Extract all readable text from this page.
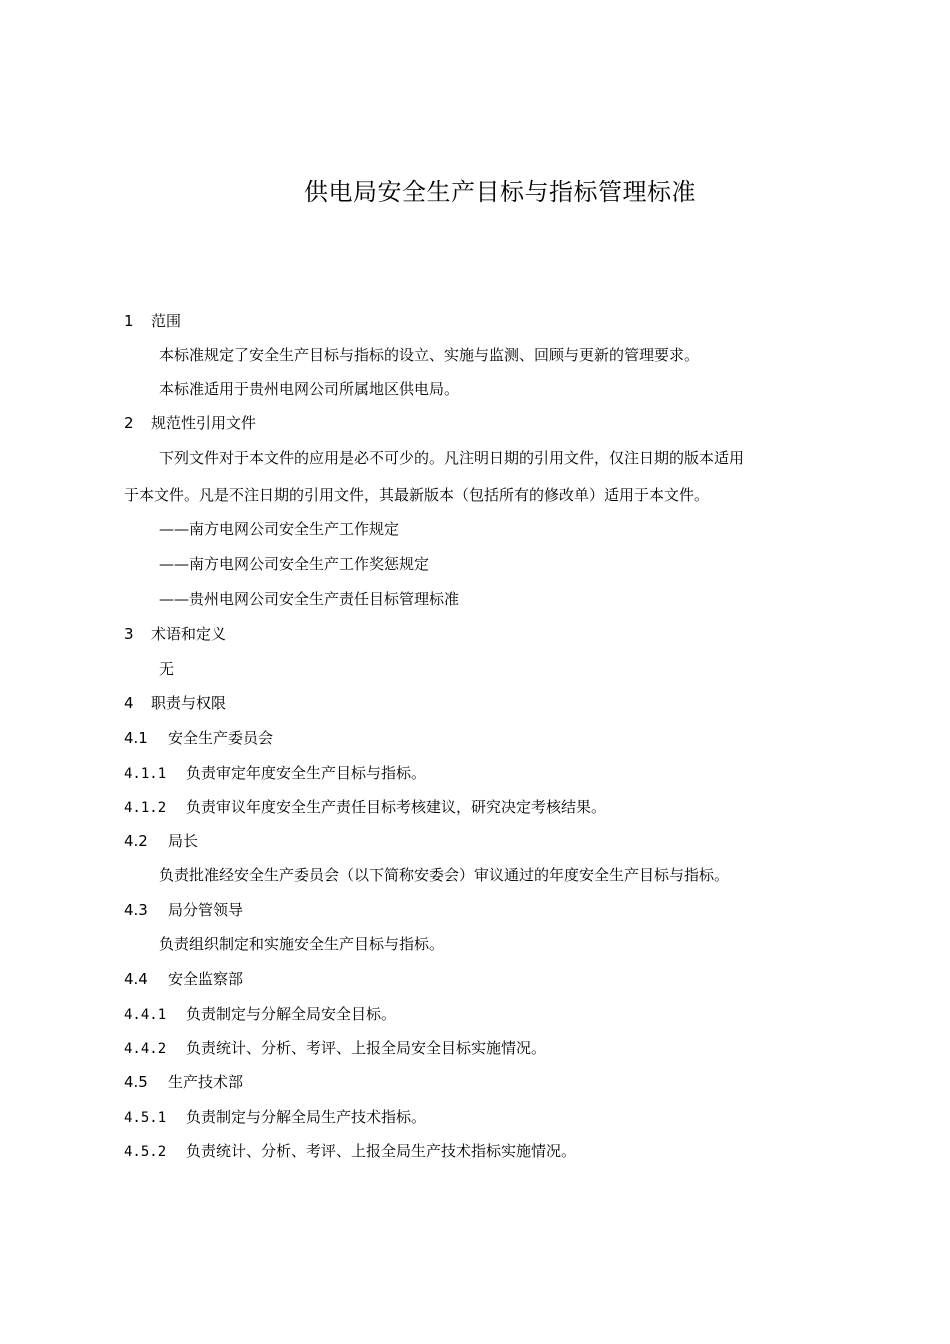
供电局安全生产目标与指标管理标准
1 范围
本标准规定了安全生产目标与指标的设立、实施与监测、回顾与更新的管理要求。
本标准适用于贵州电网公司所属地区供电局。
2 规范性引用文件
下列文件对于本文件的应用是必不可少的。凡注明日期的引用文件，仅注日期的版本适用
于本文件。凡是不注日期的引用文件，其最新版本（包括所有的修改单）适用于本文件。
——南方电网公司安全生产工作规定
——南方电网公司安全生产工作奖惩规定
——贵州电网公司安全生产责任目标管理标准
3 术语和定义
无
4 职责与权限
4.1 安全生产委员会
4.1.1 负责审定年度安全生产目标与指标。
4.1.2 负责审议年度安全生产责任目标考核建议，研究决定考核结果。
4.2 局长
负责批准经安全生产委员会（以下简称安委会）审议通过的年度安全生产目标与指标。
4.3 局分管领导
负责组织制定和实施安全生产目标与指标。
4.4 安全监察部
4.4.1 负责制定与分解全局安全目标。
4.4.2 负责统计、分析、考评、上报全局安全目标实施情况。
4.5 生产技术部
4.5.1 负责制定与分解全局生产技术指标。
4.5.2 负责统计、分析、考评、上报全局生产技术指标实施情况。
